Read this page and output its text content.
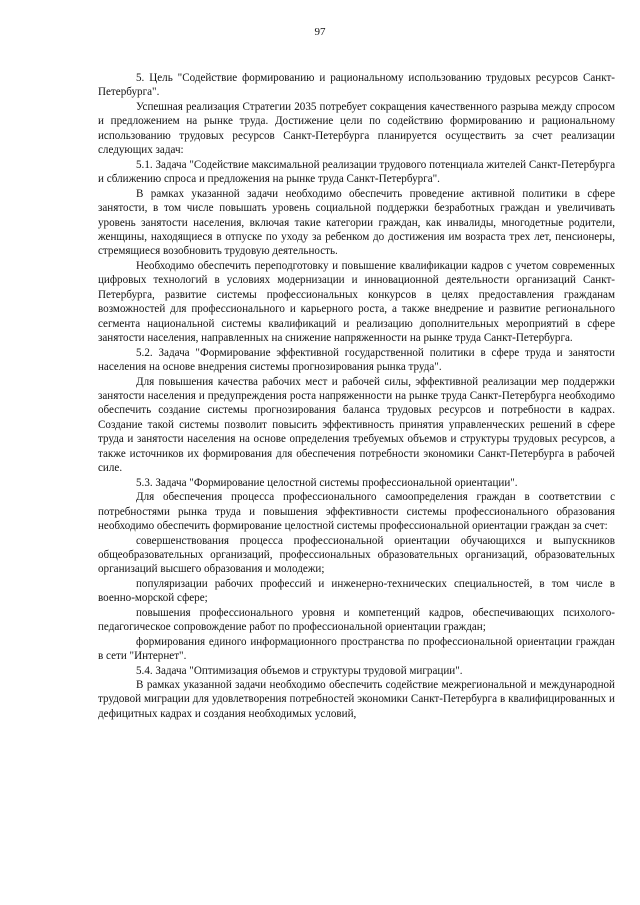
97

5. Цель "Содействие формированию и рациональному использованию трудовых ресурсов Санкт-Петербурга".

Успешная реализация Стратегии 2035 потребует сокращения качественного разрыва между спросом и предложением на рынке труда. Достижение цели по содействию формированию и рациональному использованию трудовых ресурсов Санкт-Петербурга планируется осуществить за счет реализации следующих задач:

5.1. Задача "Содействие максимальной реализации трудового потенциала жителей Санкт-Петербурга и сближению спроса и предложения на рынке труда Санкт-Петербурга".

В рамках указанной задачи необходимо обеспечить проведение активной политики в сфере занятости, в том числе повышать уровень социальной поддержки безработных граждан и увеличивать уровень занятости населения, включая такие категории граждан, как инвалиды, многодетные родители, женщины, находящиеся в отпуске по уходу за ребенком до достижения им возраста трех лет, пенсионеры, стремящиеся возобновить трудовую деятельность.

Необходимо обеспечить переподготовку и повышение квалификации кадров с учетом современных цифровых технологий в условиях модернизации и инновационной деятельности организаций Санкт-Петербурга, развитие системы профессиональных конкурсов в целях предоставления гражданам возможностей для профессионального и карьерного роста, а также внедрение и развитие регионального сегмента национальной системы квалификаций и реализацию дополнительных мероприятий в сфере занятости населения, направленных на снижение напряженности на рынке труда Санкт-Петербурга.

5.2. Задача "Формирование эффективной государственной политики в сфере труда и занятости населения на основе внедрения системы прогнозирования рынка труда".

Для повышения качества рабочих мест и рабочей силы, эффективной реализации мер поддержки занятости населения и предупреждения роста напряженности на рынке труда Санкт-Петербурга необходимо обеспечить создание системы прогнозирования баланса трудовых ресурсов и потребности в кадрах. Создание такой системы позволит повысить эффективность принятия управленческих решений в сфере труда и занятости населения на основе определения требуемых объемов и структуры трудовых ресурсов, а также источников их формирования для обеспечения потребности экономики Санкт-Петербурга в рабочей силе.

5.3. Задача "Формирование целостной системы профессиональной ориентации".

Для обеспечения процесса профессионального самоопределения граждан в соответствии с потребностями рынка труда и повышения эффективности системы профессионального образования необходимо обеспечить формирование целостной системы профессиональной ориентации граждан за счет:

совершенствования процесса профессиональной ориентации обучающихся и выпускников общеобразовательных организаций, профессиональных образовательных организаций, образовательных организаций высшего образования и молодежи;

популяризации рабочих профессий и инженерно-технических специальностей, в том числе в военно-морской сфере;

повышения профессионального уровня и компетенций кадров, обеспечивающих психолого-педагогическое сопровождение работ по профессиональной ориентации граждан;

формирования единого информационного пространства по профессиональной ориентации граждан в сети "Интернет".

5.4. Задача "Оптимизация объемов и структуры трудовой миграции".

В рамках указанной задачи необходимо обеспечить содействие межрегиональной и международной трудовой миграции для удовлетворения потребностей экономики Санкт-Петербурга в квалифицированных и дефицитных кадрах и создания необходимых условий,
